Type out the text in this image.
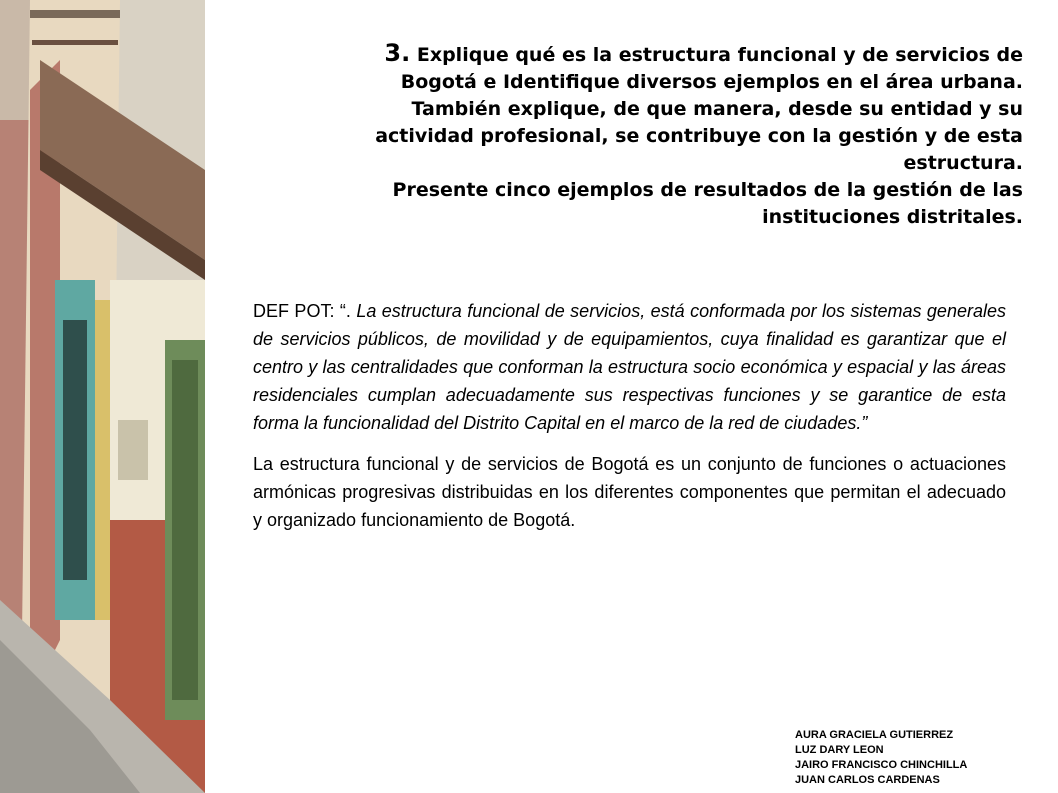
3. Explique qué es la estructura funcional y de servicios de Bogotá e Identifique diversos ejemplos en el área urbana. También explique, de que manera, desde su entidad y su actividad profesional, se contribuye con la gestión y de esta estructura.

Presente cinco ejemplos de resultados de la gestión de las instituciones distritales.

DEF POT: “. La estructura funcional de servicios, está conformada por los sistemas generales de servicios públicos, de movilidad y de equipamientos, cuya finalidad es garantizar que el centro y las centralidades que conforman la estructura socio económica y espacial y las áreas residenciales cumplan adecuadamente sus respectivas funciones y se garantice de esta forma la funcionalidad del Distrito Capital en el marco de la red de ciudades.”

La estructura funcional y de servicios de Bogotá es un conjunto de funciones o actuaciones armónicas progresivas distribuidas en los diferentes componentes que permitan el adecuado y organizado funcionamiento de Bogotá.

AURA GRACIELA GUTIERREZ
LUZ DARY LEON
JAIRO FRANCISCO CHINCHILLA
JUAN CARLOS CARDENAS
